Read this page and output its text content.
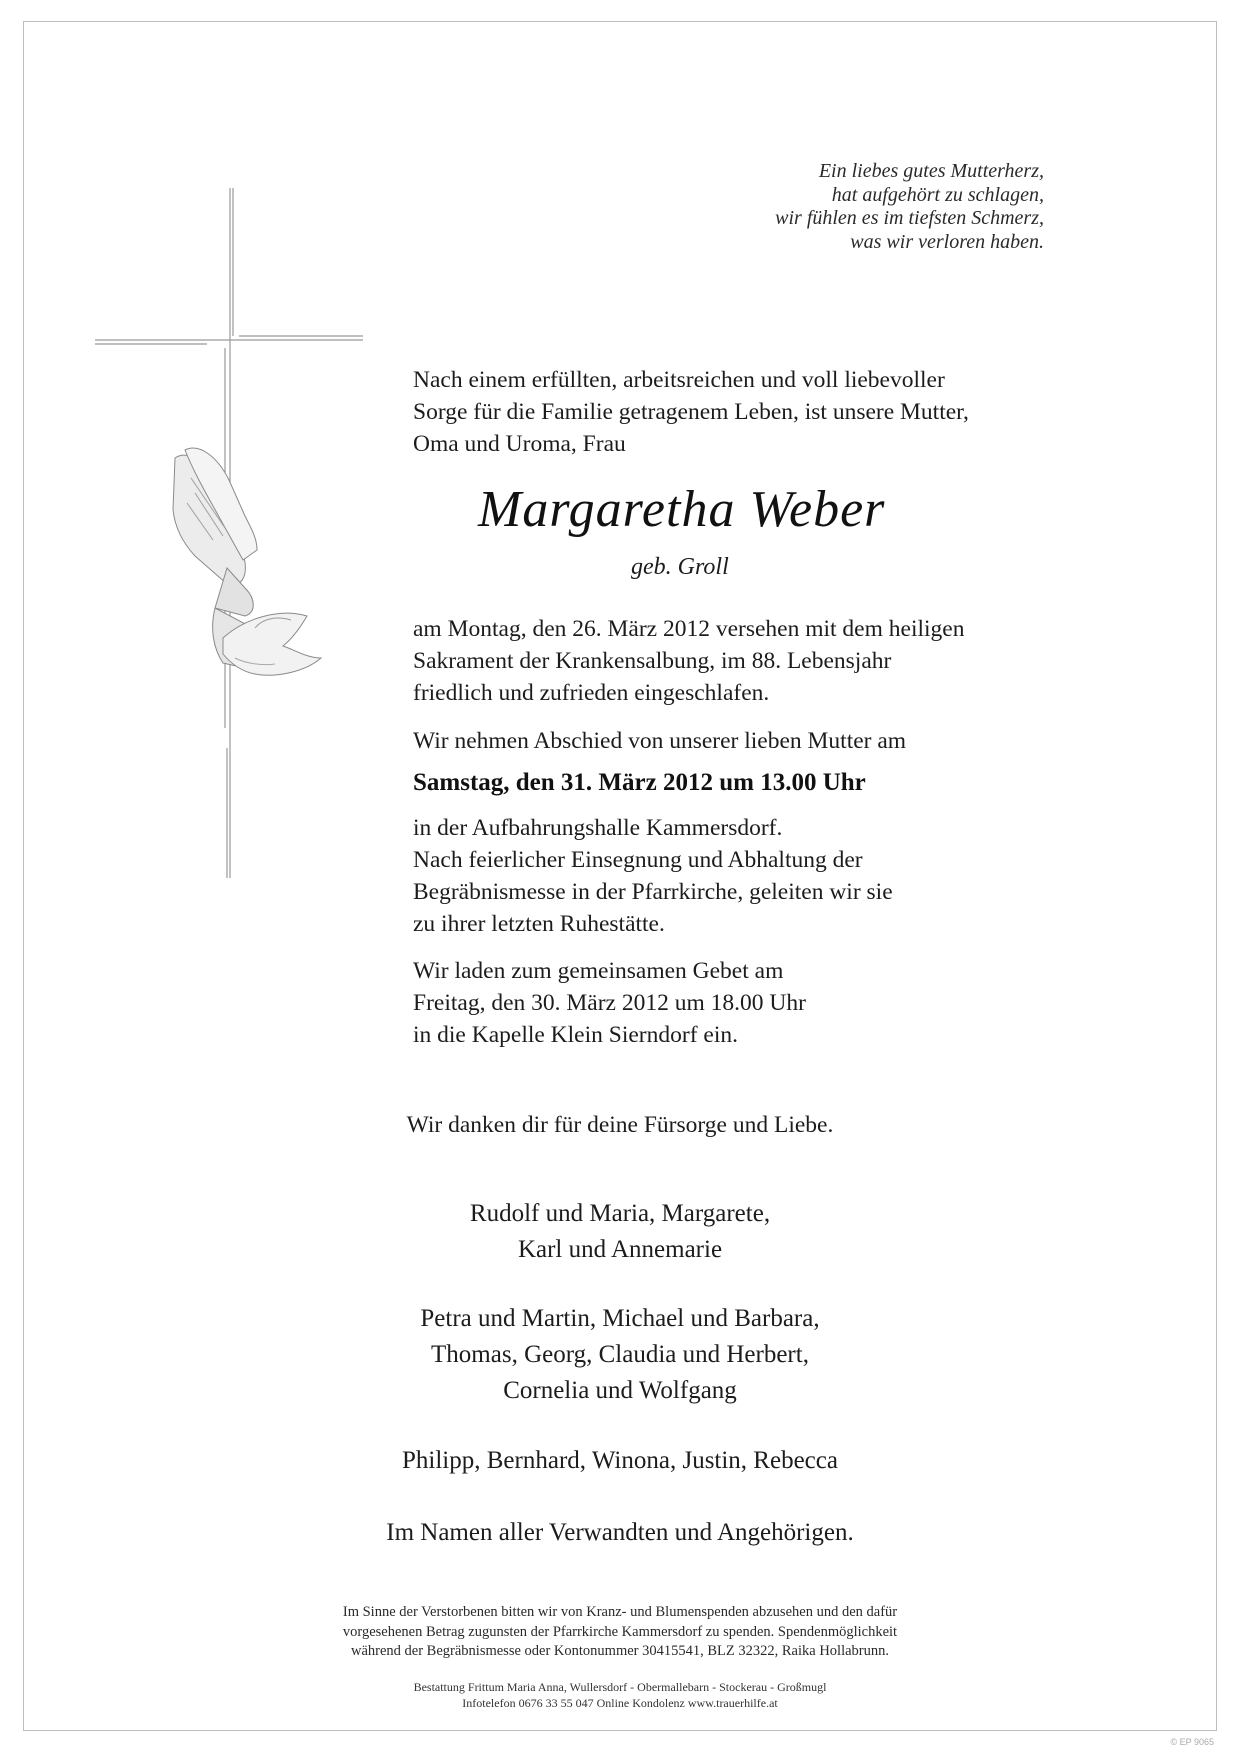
Ein liebes gutes Mutterherz,
hat aufgehört zu schlagen,
wir fühlen es im tiefsten Schmerz,
was wir verloren haben.
Nach einem erfüllten, arbeitsreichen und voll liebevoller
Sorge für die Familie getragenem Leben, ist unsere Mutter,
Oma und Uroma, Frau
Margaretha Weber
geb. Groll
am Montag, den 26. März 2012 versehen mit dem heiligen
Sakrament der Krankensalbung, im 88. Lebensjahr
friedlich und zufrieden eingeschlafen.
Wir nehmen Abschied von unserer lieben Mutter am
Samstag, den 31. März 2012 um 13.00 Uhr
in der Aufbahrungshalle Kammersdorf.
Nach feierlicher Einsegnung und Abhaltung der
Begräbnismesse in der Pfarrkirche, geleiten wir sie
zu ihrer letzten Ruhestätte.
Wir laden zum gemeinsamen Gebet am
Freitag, den 30. März 2012 um 18.00 Uhr
in die Kapelle Klein Sierndorf ein.
Wir danken dir für deine Fürsorge und Liebe.
Rudolf und Maria, Margarete,
Karl und Annemarie
Petra und Martin, Michael und Barbara,
Thomas, Georg, Claudia und Herbert,
Cornelia und Wolfgang
Philipp, Bernhard, Winona, Justin, Rebecca
Im Namen aller Verwandten und Angehörigen.
Im Sinne der Verstorbenen bitten wir von Kranz- und Blumenspenden abzusehen und den dafür
vorgesehenen Betrag zugunsten der Pfarrkirche Kammersdorf zu spenden. Spendenmöglichkeit
während der Begräbnismesse oder Kontonummer 30415541, BLZ 32322, Raika Hollabrunn.
Bestattung Frittum Maria Anna, Wullersdorf - Obermallebarn - Stockerau - Großmugl
Infotelefon 0676 33 55 047 Online Kondolenz www.trauerhilfe.at
© EP 9065
